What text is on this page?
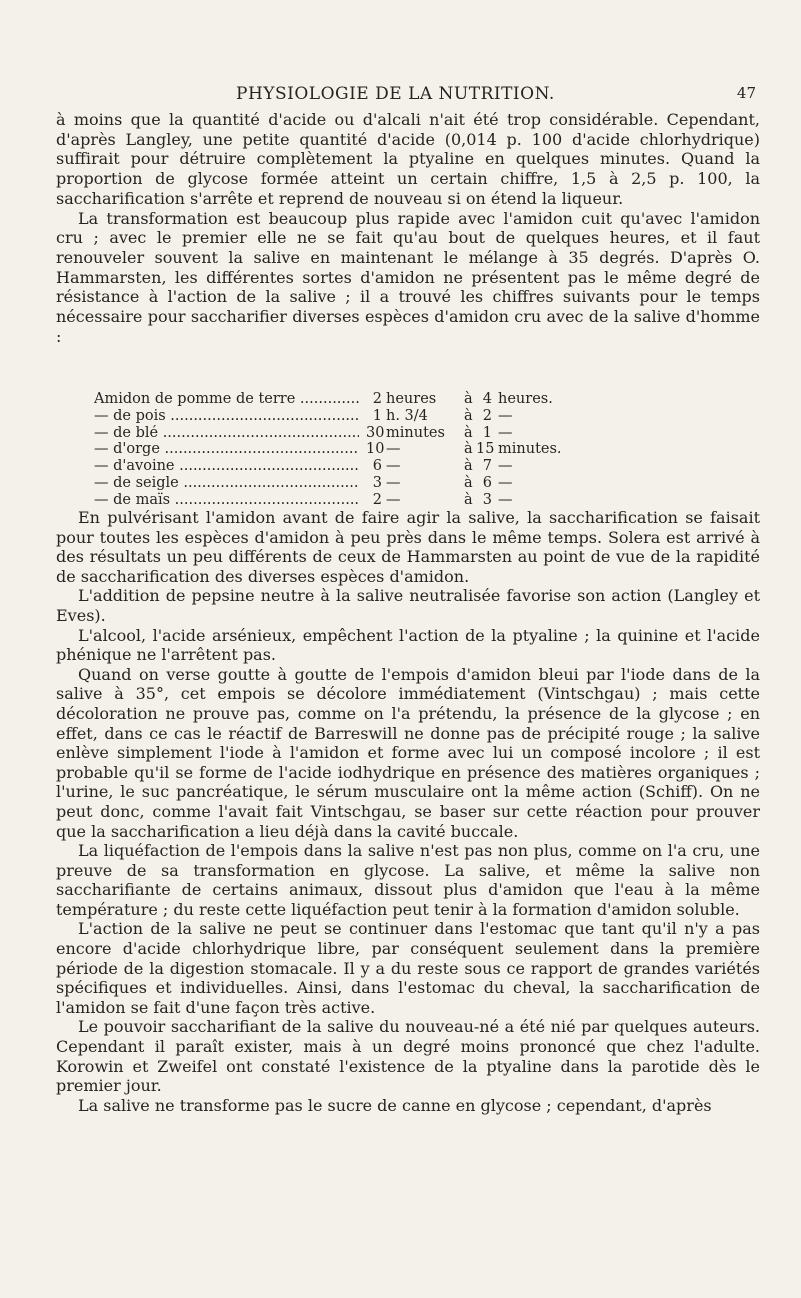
PHYSIOLOGIE DE LA NUTRITION.	47

à moins que la quantité d'acide ou d'alcali n'ait été trop considérable. Cependant, d'après Langley, une petite quantité d'acide (0,014 p. 100 d'acide chlorhydrique) suffirait pour détruire complètement la ptyaline en quelques minutes. Quand la proportion de glycose formée atteint un certain chiffre, 1,5 à 2,5 p. 100, la saccharification s'arrête et reprend de nouveau si on étend la liqueur.

La transformation est beaucoup plus rapide avec l'amidon cuit qu'avec l'amidon cru ; avec le premier elle ne se fait qu'au bout de quelques heures, et il faut renouveler souvent la salive en maintenant le mélange à 35 degrés. D'après O. Hammarsten, les différentes sortes d'amidon ne présentent pas le même degré de résistance à l'action de la salive ; il a trouvé les chiffres suivants pour le temps nécessaire pour saccharifier diverses espèces d'amidon cru avec de la salive d'homme :

Amidon de pomme de terre .....	2 heures à 4 heures.
— de pois .....	1 h. 3/4 à 2 —
— de blé .....	30 minutes à 1 —
— d'orge .....	10 —	à 15 minutes.
— d'avoine .....	6 —	à 7 —
— de seigle .....	3 —	à 6 —
— de maïs .....	2 —	à 3 —

En pulvérisant l'amidon avant de faire agir la salive, la saccharification se faisait pour toutes les espèces d'amidon à peu près dans le même temps. Solera est arrivé à des résultats un peu différents de ceux de Hammarsten au point de vue de la rapidité de saccharification des diverses espèces d'amidon.

L'addition de pepsine neutre à la salive neutralisée favorise son action (Langley et Eves).

L'alcool, l'acide arsénieux, empêchent l'action de la ptyaline ; la quinine et l'acide phénique ne l'arrêtent pas.

Quand on verse goutte à goutte de l'empois d'amidon bleui par l'iode dans de la salive à 35°, cet empois se décolore immédiatement (Vintschgau) ; mais cette décoloration ne prouve pas, comme on l'a prétendu, la présence de la glycose ; en effet, dans ce cas le réactif de Barreswill ne donne pas de précipité rouge ; la salive enlève simplement l'iode à l'amidon et forme avec lui un composé incolore ; il est probable qu'il se forme de l'acide iodhydrique en présence des matières organiques ; l'urine, le suc pancréatique, le sérum musculaire ont la même action (Schiff). On ne peut donc, comme l'avait fait Vintschgau, se baser sur cette réaction pour prouver que la saccharification a lieu déjà dans la cavité buccale.

La liquéfaction de l'empois dans la salive n'est pas non plus, comme on l'a cru, une preuve de sa transformation en glycose. La salive, et même la salive non saccharifiante de certains animaux, dissout plus d'amidon que l'eau à la même température ; du reste cette liquéfaction peut tenir à la formation d'amidon soluble.

L'action de la salive ne peut se continuer dans l'estomac que tant qu'il n'y a pas encore d'acide chlorhydrique libre, par conséquent seulement dans la première période de la digestion stomacale. Il y a du reste sous ce rapport de grandes variétés spécifiques et individuelles. Ainsi, dans l'estomac du cheval, la saccharification de l'amidon se fait d'une façon très active.

Le pouvoir saccharifiant de la salive du nouveau-né a été nié par quelques auteurs. Cependant il paraît exister, mais à un degré moins prononcé que chez l'adulte. Korowin et Zweifel ont constaté l'existence de la ptyaline dans la parotide dès le premier jour.

La salive ne transforme pas le sucre de canne en glycose ; cependant, d'après
